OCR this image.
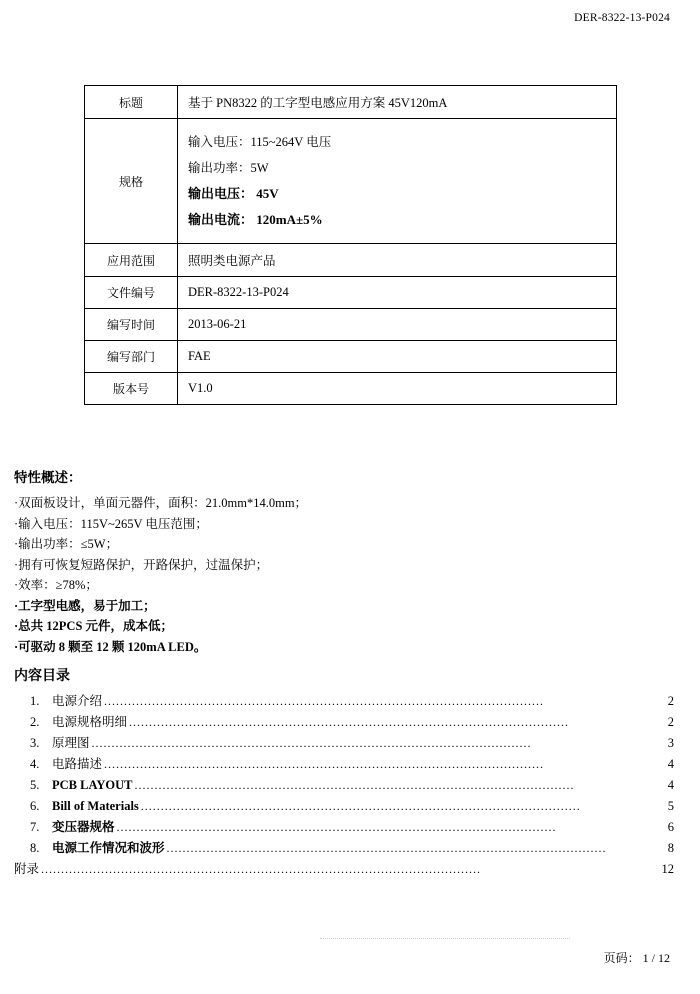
DER-8322-13-P024
标题	基于 PN8322 的工字型电感应用方案 45V120mA
规格	输入电压：115~264V 电压
输出功率：5W
输出电压： 45V
输出电流： 120mA±5%

应用范围	照明类电源产品
文件编号	DER-8322-13-P024
编写时间	2013-06-21
编写部门	FAE
版本号	V1.0
特性概述：
·双面板设计，单面元器件，面积：21.0mm*14.0mm；
·输入电压：115V~265V 电压范围；
·输出功率：≤5W；
·拥有可恢复短路保护，开路保护，过温保护；
·效率：≥78%；
·工字型电感，易于加工；
·总共 12PCS 元件，成本低；
·可驱动 8 颗至 12 颗 120mA LED。
内容目录
1.	电源介绍 ..............................................................................................................	2
2.	电源规格明细 ..............................................................................................................	2
3.	原理图 ..............................................................................................................	3
4.	电路描述 ..............................................................................................................	4
5.	PCB LAYOUT ..............................................................................................................	4
6.	Bill of Materials ..............................................................................................................	5
7.	变压器规格 ..............................................................................................................	6
8.	电源工作情况和波形 ..............................................................................................................	8
附录 ..............................................................................................................	12
页码： 1 / 12
